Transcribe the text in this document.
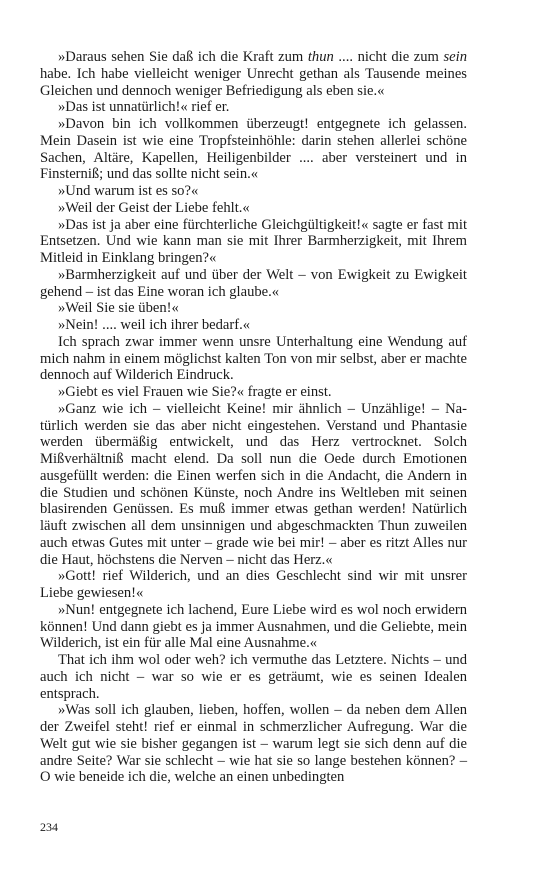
»Daraus sehen Sie daß ich die Kraft zum thun .... nicht die zum sein habe. Ich habe vielleicht weniger Unrecht gethan als Tausende meines Gleichen und dennoch weniger Befriedigung als eben sie.«

»Das ist unnatürlich!« rief er.

»Davon bin ich vollkommen überzeugt! entgegnete ich gelassen. Mein Dasein ist wie eine Tropfsteinhöhle: darin stehen allerlei schöne Sachen, Altäre, Kapellen, Heiligenbilder .... aber versteinert und in Finsterniß; und das sollte nicht sein.«

»Und warum ist es so?«

»Weil der Geist der Liebe fehlt.«

»Das ist ja aber eine fürchterliche Gleichgültigkeit!« sagte er fast mit Entsetzen. Und wie kann man sie mit Ihrer Barmherzigkeit, mit Ihrem Mitleid in Einklang bringen?«

»Barmherzigkeit auf und über der Welt – von Ewigkeit zu Ewigkeit gehend – ist das Eine woran ich glaube.«

»Weil Sie sie üben!«

»Nein! .... weil ich ihrer bedarf.«

Ich sprach zwar immer wenn unsre Unterhaltung eine Wendung auf mich nahm in einem möglichst kalten Ton von mir selbst, aber er machte dennoch auf Wilderich Eindruck.

»Giebt es viel Frauen wie Sie?« fragte er einst.

»Ganz wie ich – vielleicht Keine! mir ähnlich – Unzählige! – Natürlich werden sie das aber nicht eingestehen. Verstand und Phantasie werden übermäßig entwickelt, und das Herz vertrocknet. Solch Mißverhältniß macht elend. Da soll nun die Oede durch Emotionen ausgefüllt werden: die Einen werfen sich in die Andacht, die Andern in die Studien und schönen Künste, noch Andre ins Weltleben mit seinen blasirenden Genüssen. Es muß immer etwas gethan werden! Natürlich läuft zwischen all dem unsinnigen und abgeschmackten Thun zuweilen auch etwas Gutes mit unter – grade wie bei mir! – aber es ritzt Alles nur die Haut, höchstens die Nerven – nicht das Herz.«

»Gott! rief Wilderich, und an dies Geschlecht sind wir mit unsrer Liebe gewiesen!«

»Nun! entgegnete ich lachend, Eure Liebe wird es wol noch erwidern können! Und dann giebt es ja immer Ausnahmen, und die Geliebte, mein Wilderich, ist ein für alle Mal eine Ausnahme.«

That ich ihm wol oder weh? ich vermuthe das Letztere. Nichts – und auch ich nicht – war so wie er es geträumt, wie es seinen Idealen entsprach.

»Was soll ich glauben, lieben, hoffen, wollen – da neben dem Allen der Zweifel steht! rief er einmal in schmerzlicher Aufregung. War die Welt gut wie sie bisher gegangen ist – warum legt sie sich denn auf die andre Seite? War sie schlecht – wie hat sie so lange bestehen können? – O wie beneide ich die, welche an einen unbedingten

234
